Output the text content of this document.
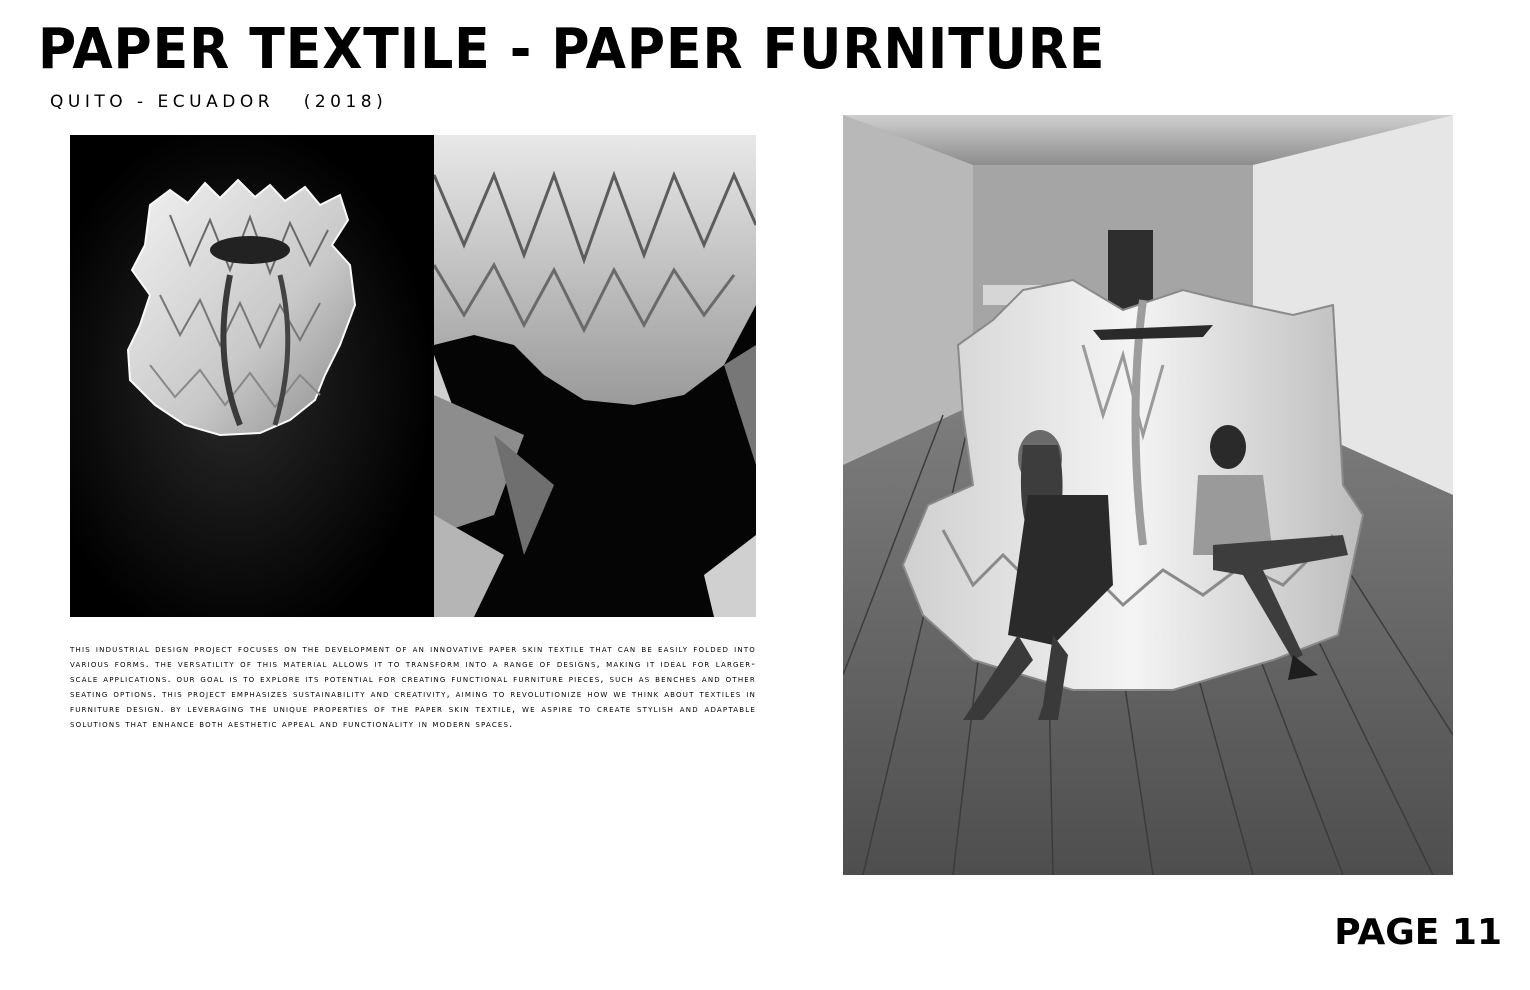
PAPER TEXTILE - PAPER FURNITURE
QUITO - ECUADOR   (2018)
this industrial design project focuses on the development of an innovative paper skin textile that can be easily folded into various forms. the versatility of this material allows it to transform into a range of designs, making it ideal for larger-scale applications. our goal is to explore its potential for creating functional furniture pieces, such as benches and other seating options. this project emphasizes sustainability and creativity, aiming to revolutionize how we think about textiles in furniture design. by leveraging the unique properties of the paper skin textile, we aspire to create stylish and adaptable solutions that enhance both aesthetic appeal and functionality in modern spaces.
PAGE 11
